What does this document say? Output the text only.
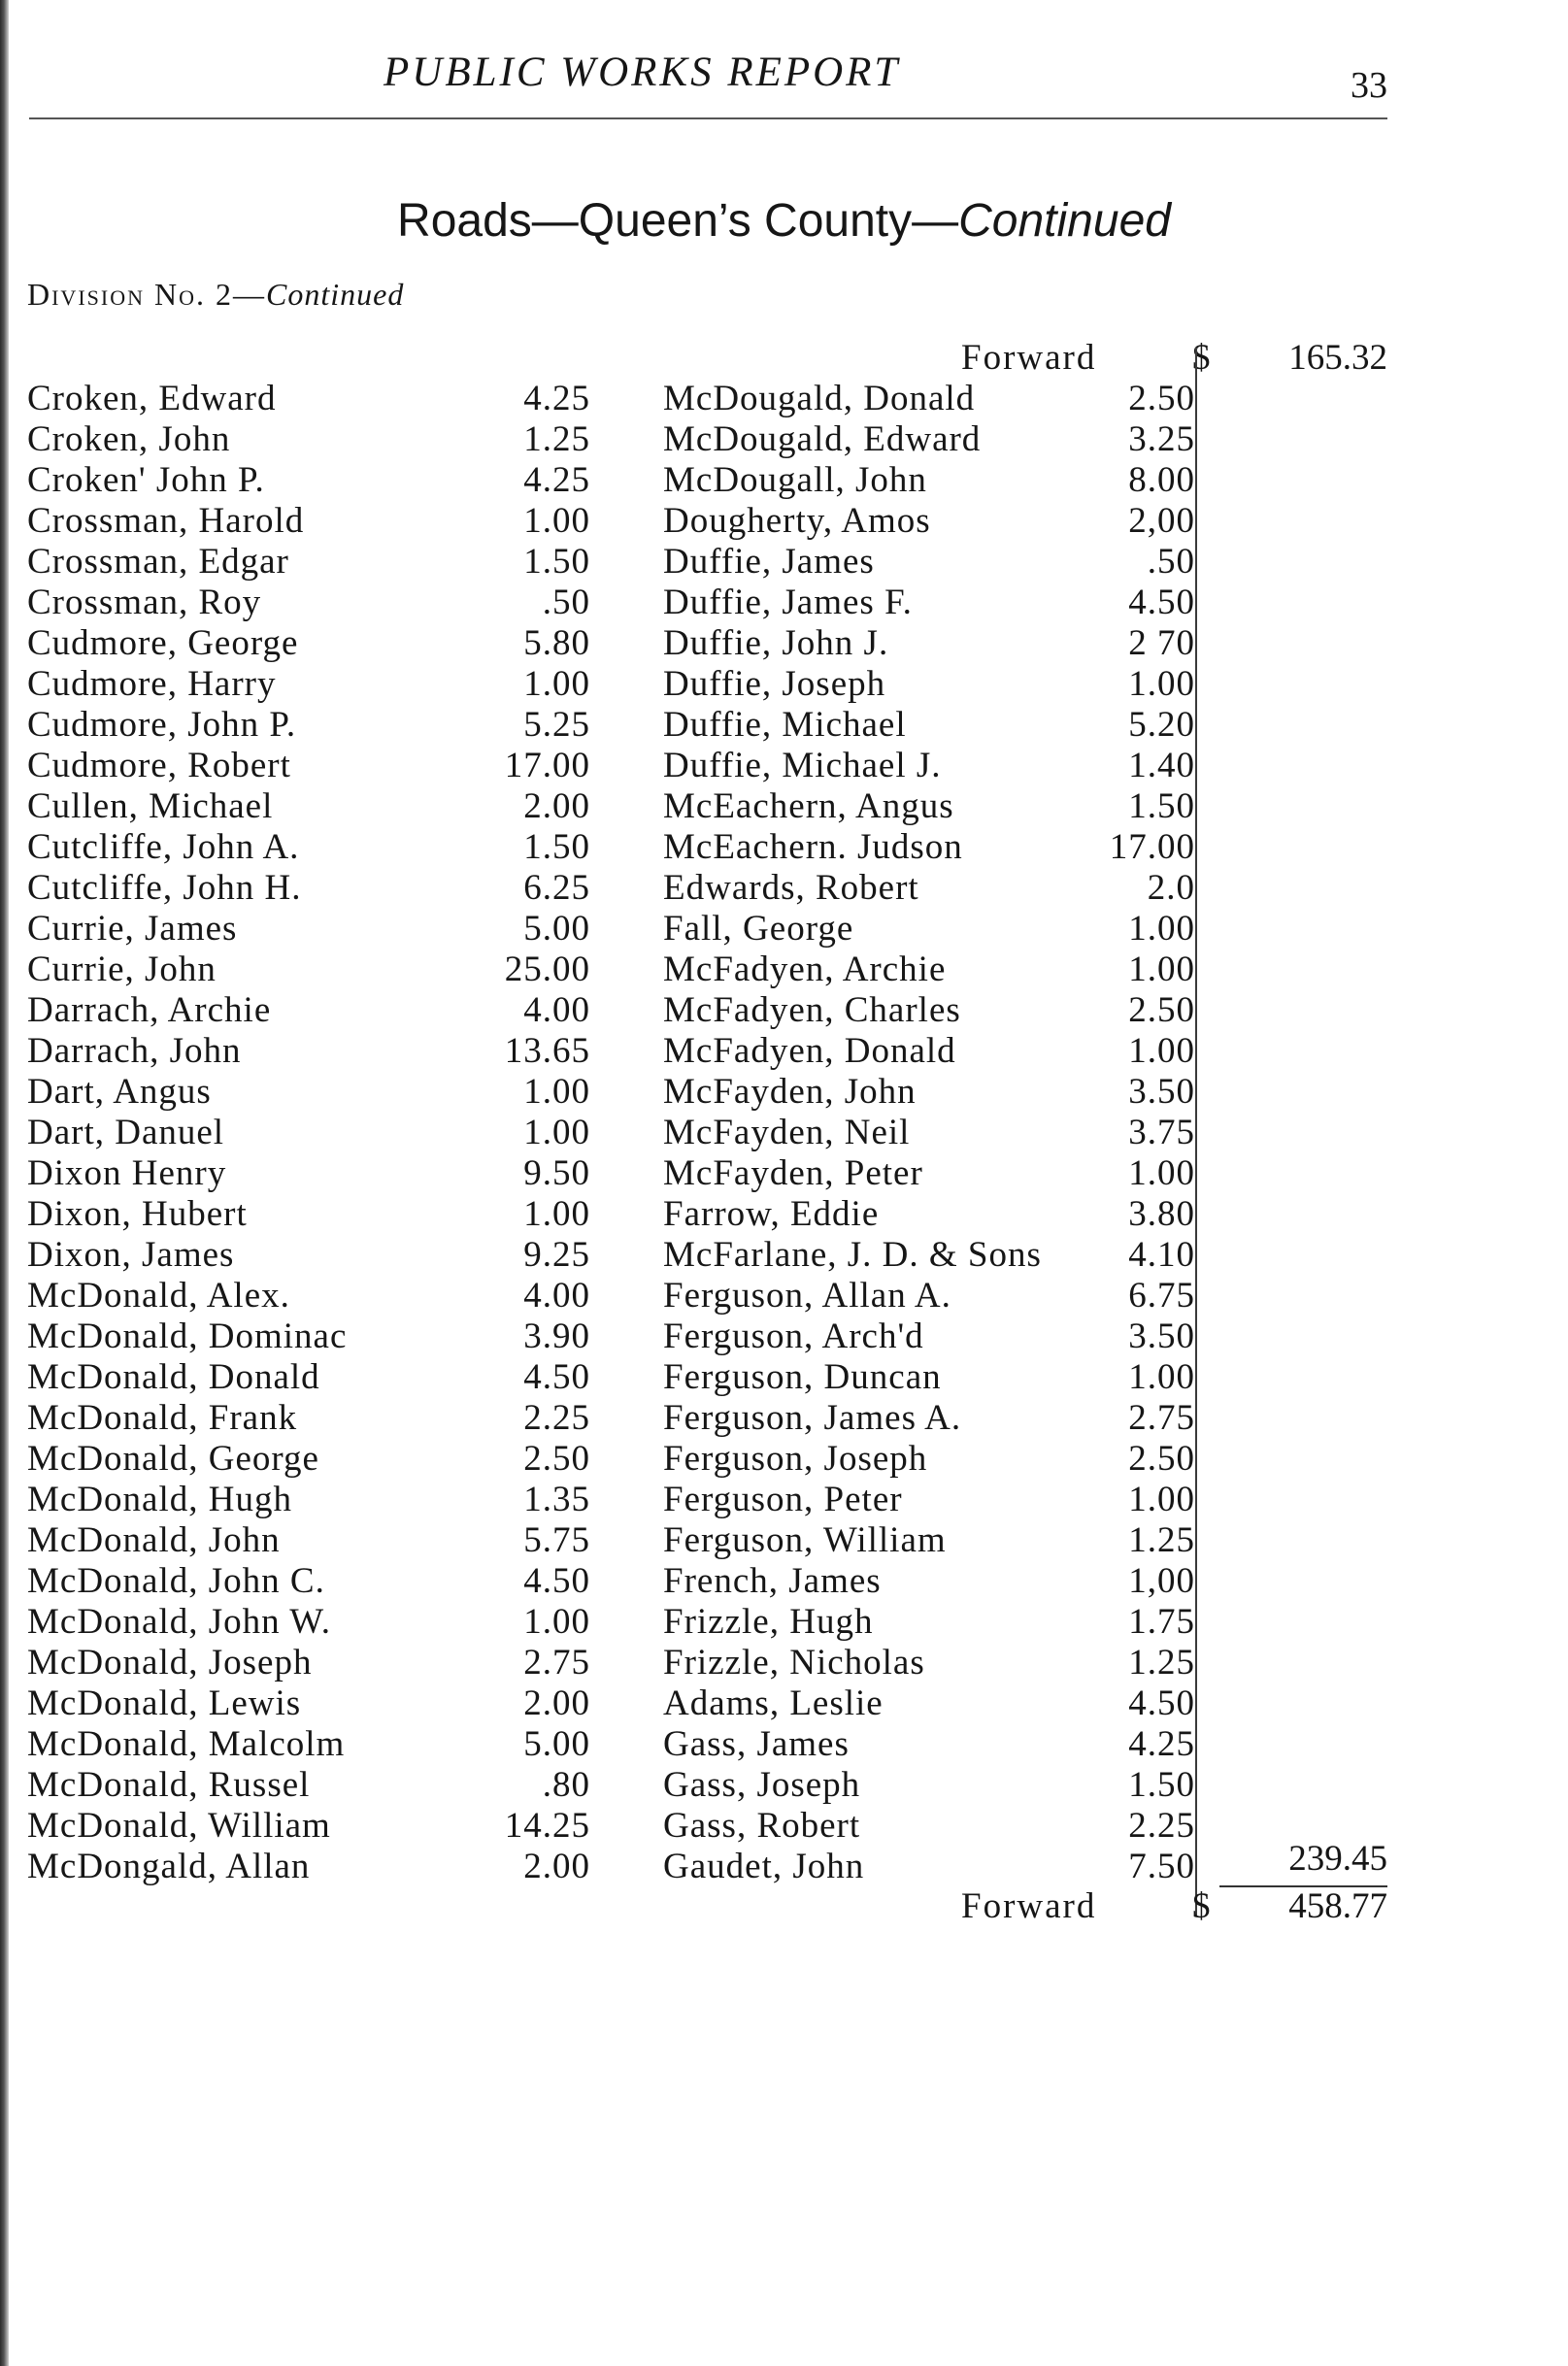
PUBLIC WORKS REPORT	33
Roads—Queen’s County—Continued
Division No. 2—Continued
Forward	$ 165.32
Croken, Edward	4.25
Croken, John	1.25
Croken' John P.	4.25
Crossman, Harold	1.00
Crossman, Edgar	1.50
Crossman, Roy	.50
Cudmore, George	5.80
Cudmore, Harry	1.00
Cudmore, John P.	5.25
Cudmore, Robert	17.00
Cullen, Michael	2.00
Cutcliffe, John A.	1.50
Cutcliffe, John H.	6.25
Currie, James	5.00
Currie, John	25.00
Darrach, Archie	4.00
Darrach, John	13.65
Dart, Angus	1.00
Dart, Danuel	1.00
Dixon Henry	9.50
Dixon, Hubert	1.00
Dixon, James	9.25
McDonald, Alex.	4.00
McDonald, Dominac	3.90
McDonald, Donald	4.50
McDonald, Frank	2.25
McDonald, George	2.50
McDonald, Hugh	1.35
McDonald, John	5.75
McDonald, John C.	4.50
McDonald, John W.	1.00
McDonald, Joseph	2.75
McDonald, Lewis	2.00
McDonald, Malcolm	5.00
McDonald, Russel	.80
McDonald, William	14.25
McDongald, Allan	2.00
McDougald, Donald	2.50
McDougald, Edward	3.25
McDougall, John	8.00
Dougherty, Amos	2,00
Duffie, James	.50
Duffie, James F.	4.50
Duffie, John J.	2 70
Duffie, Joseph	1.00
Duffie, Michael	5.20
Duffie, Michael J.	1.40
McEachern, Angus	1.50
McEachern. Judson	17.00
Edwards, Robert	2.0
Fall, George	1.00
McFadyen, Archie	1.00
McFadyen, Charles	2.50
McFadyen, Donald	1.00
McFayden, John	3.50
McFayden, Neil	3.75
McFayden, Peter	1.00
Farrow, Eddie	3.80
McFarlane, J. D. & Sons	4.10
Ferguson, Allan A.	6.75
Ferguson, Arch'd	3.50
Ferguson, Duncan	1.00
Ferguson, James A.	2.75
Ferguson, Joseph	2.50
Ferguson, Peter	1.00
Ferguson, William	1.25
French, James	1,00
Frizzle, Hugh	1.75
Frizzle, Nicholas	1.25
Adams, Leslie	4.50
Gass, James	4.25
Gass, Joseph	1.50
Gass, Robert	2.25
Gaudet, John	7.50	239.45
Forward	$ 458.77
